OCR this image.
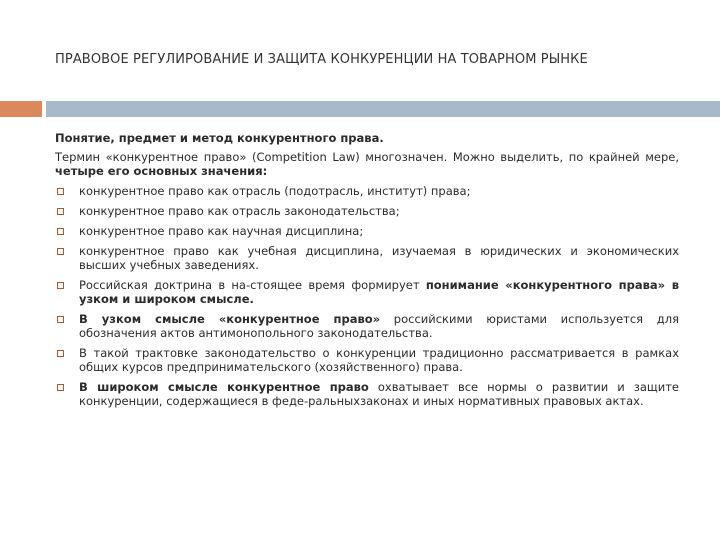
ПРАВОВОЕ РЕГУЛИРОВАНИЕ И ЗАЩИТА КОНКУРЕНЦИИ НА ТОВАРНОМ РЫНКЕ

Понятие, предмет и метод конкурентного права.

Термин «конкурентное право» (Competition Law) многозначен. Можно выделить, по крайней мере, четыре его основных значения:

конкурентное право как отрасль (подотрасль, институт) права;
конкурентное право как отрасль законодательства;
конкурентное право как научная дисциплина;
конкурентное право как учебная дисциплина, изучаемая в юридических и экономических высших учебных заведениях.
Российская доктрина в на-стоящее время формирует понимание «конкурентного права» в узком и широком смысле.
В узком смысле «конкурентное право» российскими юристами используется для обозначения актов антимонопольного законодательства.
В такой трактовке законодательство о конкуренции традиционно рассматривается в рамках общих курсов предпринимательского (хозяйственного) права.
В широком смысле конкурентное право охватывает все нормы о развитии и защите конкуренции, содержащиеся в феде-ральныхзаконах и иных нормативных правовых актах.
